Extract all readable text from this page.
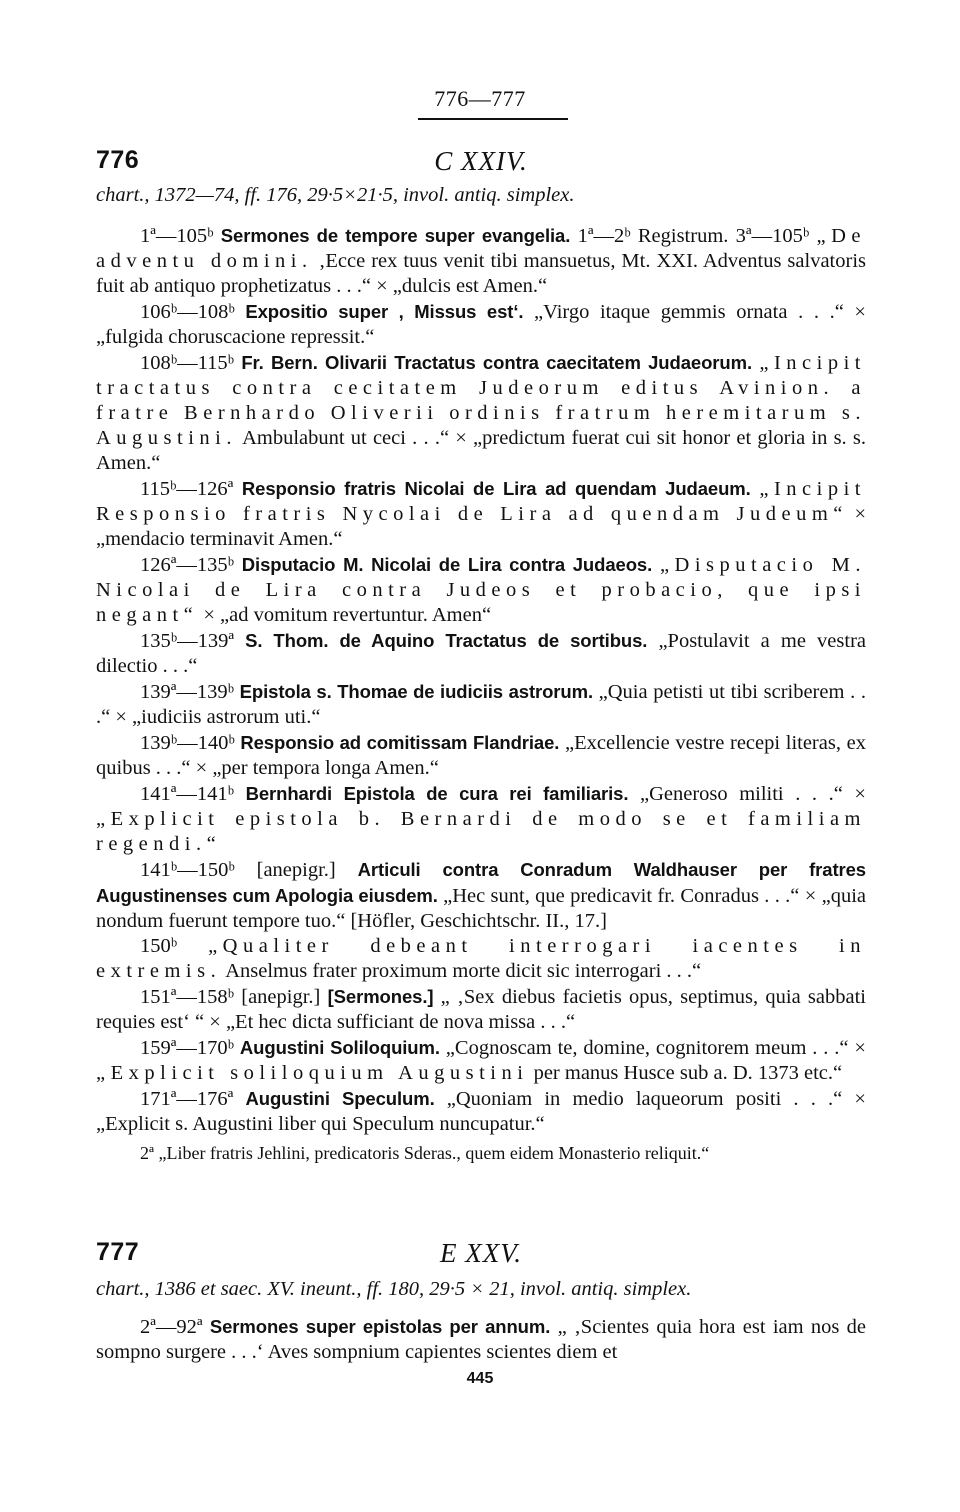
776—777
776	C XXIV.
chart., 1372—74, ff. 176, 29·5×21·5, invol. antiq. simplex.

1ª—105ᵇ Sermones de tempore super evangelia. 1ª—2ᵇ Registrum. 3ª—105ᵇ „De adventu domini. ‚Ecce rex tuus venit tibi mansuetus, Mt. XXI. Adventus salvatoris fuit ab antiquo prophetizatus . . .“ × „dulcis est Amen.“

106ᵇ—108ᵇ Expositio super , Missus est‘. „Virgo itaque gemmis ornata . . .“ × „fulgida choruscacione repressit.“

108ᵇ—115ᵇ Fr. Bern. Olivarii Tractatus contra caecitatem Judaeorum. „Incipit tractatus contra cecitatem Judeorum editus Avinion. a fratre Bernhardo Oliverii ordinis fratrum heremitarum s. Augustini. Ambulabunt ut ceci . . .“ × „predictum fuerat cui sit honor et gloria in s. s. Amen.“

115ᵇ—126ª Responsio fratris Nicolai de Lira ad quendam Judaeum. „Incipit Responsio fratris Nycolai de Lira ad quendam Judeum“ × „mendacio terminavit Amen.“

126ª—135ᵇ Disputacio M. Nicolai de Lira contra Judaeos. „Disputacio M. Nicolai de Lira contra Judeos et probacio, que ipsi negant“ × „ad vomitum revertuntur. Amen“

135ᵇ—139ª S. Thom. de Aquino Tractatus de sortibus. „Postulavit a me vestra dilectio . . .“

139ª—139ᵇ Epistola s. Thomae de iudiciis astrorum. „Quia petisti ut tibi scriberem . . .“ × „iudiciis astrorum uti.“

139ᵇ—140ᵇ Responsio ad comitissam Flandriae. „Excellencie vestre recepi literas, ex quibus . . .“ × „per tempora longa Amen.“

141ª—141ᵇ Bernhardi Epistola de cura rei familiaris. „Generoso militi . . .“ × „Explicit epistola b. Bernardi de modo se et familiam regendi.“

141ᵇ—150ᵇ [anepigr.] Articuli contra Conradum Waldhauser per fratres Augustinenses cum Apologia eiusdem. „Hec sunt, que predicavit fr. Conradus . . .“ × „quia nondum fuerunt tempore tuo.“ [Höfler, Geschichtschr. II., 17.]

150ᵇ „Qualiter debeant interrogari iacentes in extremis. Anselmus frater proximum morte dicit sic interrogari . . .“

151ª—158ᵇ [anepigr.] [Sermones.] „ ‚Sex diebus facietis opus, septimus, quia sabbati requies est‘ “ × „Et hec dicta sufficiant de nova missa . . .“

159ª—170ᵇ Augustini Soliloquium. „Cognoscam te, domine, cognitorem meum . . .“ × „Explicit soliloquium Augustini per manus Husce sub a. D. 1373 etc.“

171ª—176ª Augustini Speculum. „Quoniam in medio laqueorum positi . . .“ × „Explicit s. Augustini liber qui Speculum nuncupatur.“

2ª „Liber fratris Jehlini, predicatoris Sderas., quem eidem Monasterio reliquit.“

777	E XXV.
chart., 1386 et saec. XV. ineunt., ff. 180, 29·5 × 21, invol. antiq. simplex.

2ª—92ª Sermones super epistolas per annum. „ ‚Scientes quia hora est iam nos de sompno surgere . . .‘ Aves sompnium capientes scientes diem et

445
